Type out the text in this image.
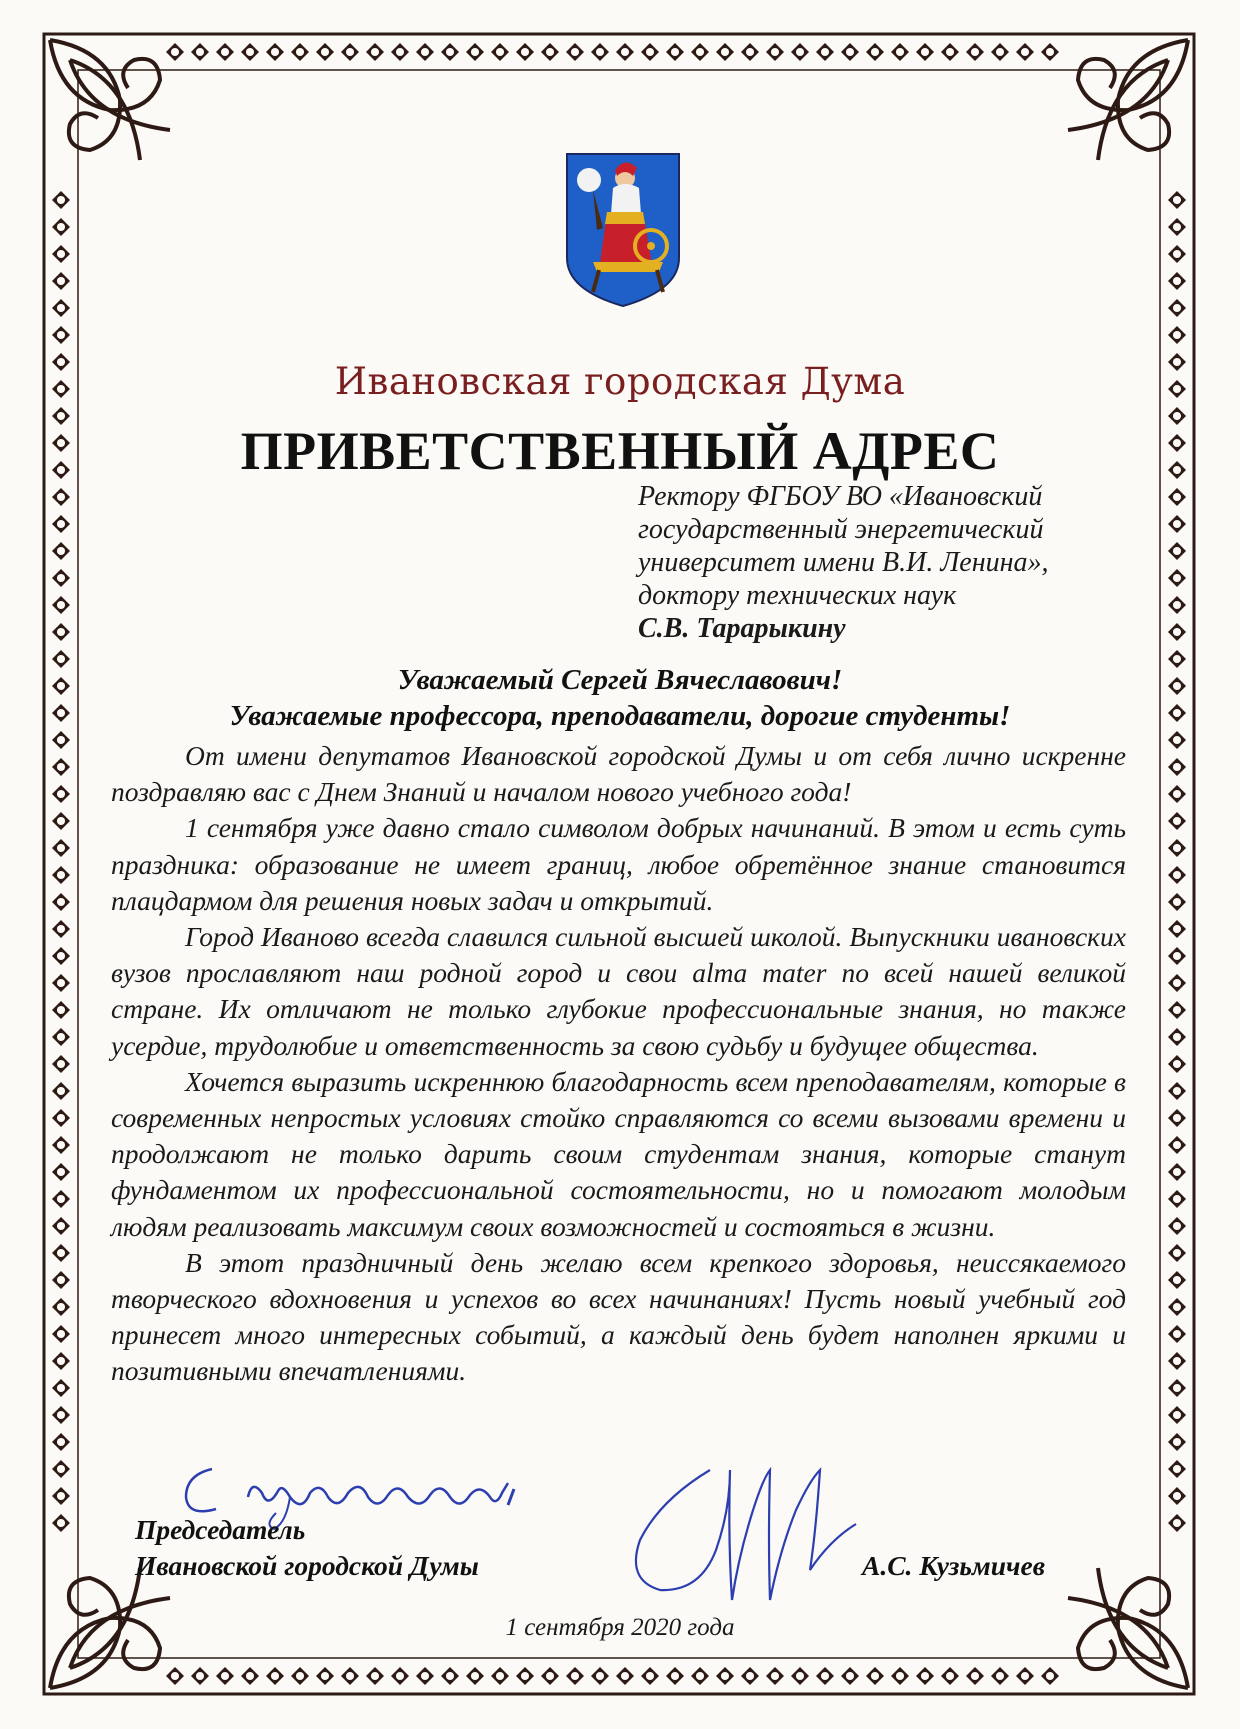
Ивановская городская Дума
ПРИВЕТСТВЕННЫЙ АДРЕС
Ректору ФГБОУ ВО «Ивановский
государственный энергетический
университет имени В.И. Ленина»,
доктору технических наук
С.В. Тарарыкину
Уважаемый Сергей Вячеславович!
Уважаемые профессора, преподаватели, дорогие студенты!

От имени депутатов Ивановской городской Думы и от себя лично искренне поздравляю вас с Днем Знаний и началом нового учебного года!

1 сентября уже давно стало символом добрых начинаний. В этом и есть суть праздника: образование не имеет границ, любое обретённое знание становится плацдармом для решения новых задач и открытий.

Город Иваново всегда славился сильной высшей школой. Выпускники ивановских вузов прославляют наш родной город и свои alma mater по всей нашей великой стране. Их отличают не только глубокие профессиональные знания, но также усердие, трудолюбие и ответственность за свою судьбу и будущее общества.

Хочется выразить искреннюю благодарность всем преподавателям, которые в современных непростых условиях стойко справляются со всеми вызовами времени и продолжают не только дарить своим студентам знания, которые станут фундаментом их профессиональной состоятельности, но и помогают молодым людям реализовать максимум своих возможностей и состояться в жизни.

В этот праздничный день желаю всем крепкого здоровья, неиссякаемого творческого вдохновения и успехов во всех начинаниях! Пусть новый учебный год принесет много интересных событий, а каждый день будет наполнен яркими и позитивными впечатлениями.

Председатель
Ивановской городской Думы	А.С. Кузьмичев
1 сентября 2020 года
